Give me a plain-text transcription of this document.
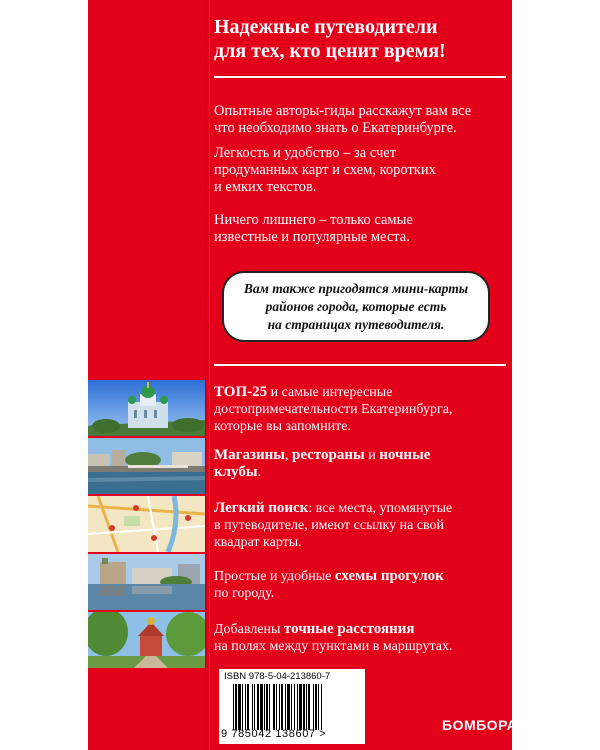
Надежные путеводители
для тех, кто ценит время!
Опытные авторы-гиды расскажут вам все
что необходимо знать о Екатеринбурге.
Легкость и удобство – за счет
продуманных карт и схем, коротких
и емких текстов.
Ничего лишнего – только самые
известные и популярные места.
Вам также пригодятся мини-карты
районов города, которые есть
на страницах путеводителя.
ТОП-25 и самые интересные
достопримечательности Екатеринбурга,
которые вы запомните.
Магазины, рестораны и ночные
клубы.
Легкий поиск: все места, упомянутые
в путеводителе, имеют ссылку на свой
квадрат карты.
Простые и удобные схемы прогулок
по городу.
Добавлены точные расстояния
на полях между пунктами в маршрутах.
ISBN 978-5-04-213860-7
9 785042 138607 >
БОМБОРА
